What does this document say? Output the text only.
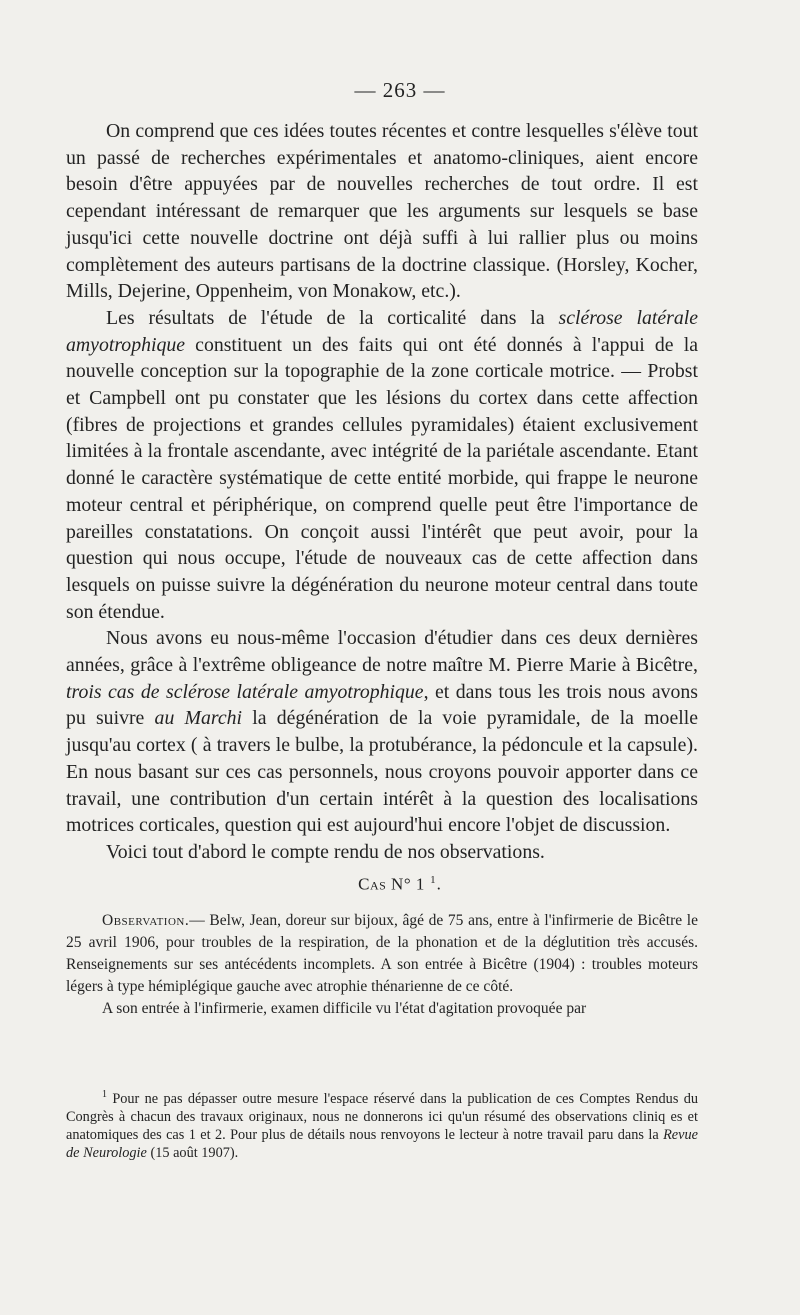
— 263 —

On comprend que ces idées toutes récentes et contre lesquelles s'élève tout un passé de recherches expérimentales et anatomo-cliniques, aient encore besoin d'être appuyées par de nouvelles recherches de tout ordre. Il est cependant intéressant de remarquer que les arguments sur lesquels se base jusqu'ici cette nouvelle doctrine ont déjà suffi à lui rallier plus ou moins complètement des auteurs partisans de la doctrine classique. (Horsley, Kocher, Mills, Dejerine, Oppenheim, von Monakow, etc.).

Les résultats de l'étude de la corticalité dans la sclérose latérale amyotrophique constituent un des faits qui ont été donnés à l'appui de la nouvelle conception sur la topographie de la zone corticale motrice. — Probst et Campbell ont pu constater que les lésions du cortex dans cette affection (fibres de projections et grandes cellules pyramidales) étaient exclusivement limitées à la frontale ascendante, avec intégrité de la pariétale ascendante. Etant donné le caractère systématique de cette entité morbide, qui frappe le neurone moteur central et périphérique, on comprend quelle peut être l'importance de pareilles constatations. On conçoit aussi l'intérêt que peut avoir, pour la question qui nous occupe, l'étude de nouveaux cas de cette affection dans lesquels on puisse suivre la dégénération du neurone moteur central dans toute son étendue.

Nous avons eu nous-même l'occasion d'étudier dans ces deux dernières années, grâce à l'extrême obligeance de notre maître M. Pierre Marie à Bicêtre, trois cas de sclérose latérale amyotrophique, et dans tous les trois nous avons pu suivre au Marchi la dégénération de la voie pyramidale, de la moelle jusqu'au cortex ( à travers le bulbe, la protubérance, la pédoncule et la capsule). En nous basant sur ces cas personnels, nous croyons pouvoir apporter dans ce travail, une contribution d'un certain intérêt à la question des localisations motrices corticales, question qui est aujourd'hui encore l'objet de discussion.

Voici tout d'abord le compte rendu de nos observations.

Cas N° 1 $^1$.

Observation.— Belw, Jean, doreur sur bijoux, âgé de 75 ans, entre à l'infirmerie de Bicêtre le 25 avril 1906, pour troubles de la respiration, de la phonation et de la déglutition très accusés. Renseignements sur ses antécédents incomplets. A son entrée à Bicêtre (1904) : troubles moteurs légers à type hémiplégique gauche avec atrophie thénarienne de ce côté.

A son entrée à l'infirmerie, examen difficile vu l'état d'agitation provoquée par

$^1$ Pour ne pas dépasser outre mesure l'espace réservé dans la publication de ces Comptes Rendus du Congrès à chacun des travaux originaux, nous ne donnerons ici qu'un résumé des observations cliniq es et anatomiques des cas 1 et 2. Pour plus de détails nous renvoyons le lecteur à notre travail paru dans la Revue de Neurologie (15 août 1907).
